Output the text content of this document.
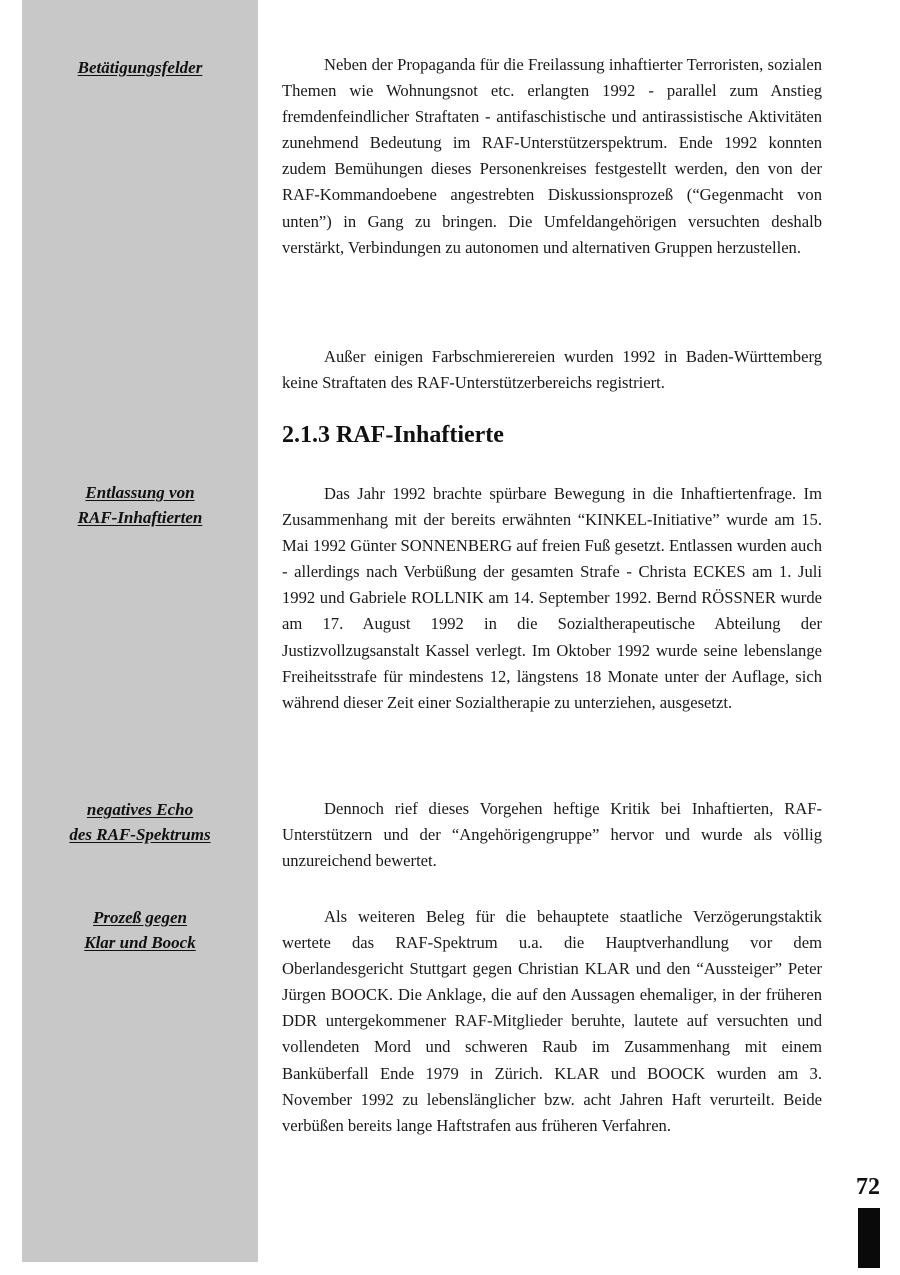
Betätigungsfelder
Entlassung von
RAF-Inhaftierten
negatives Echo
des RAF-Spektrums
Prozeß gegen
Klar und Boock

Neben der Propaganda für die Freilassung inhaftierter Terroristen, sozialen Themen wie Wohnungsnot etc. erlangten 1992 - parallel zum Anstieg fremdenfeindlicher Straftaten - antifaschistische und antirassistische Aktivitäten zunehmend Bedeutung im RAF-Unterstützerspektrum. Ende 1992 konnten zudem Bemühungen dieses Personenkreises festgestellt werden, den von der RAF-Kommandoebene angestrebten Diskussionsprozeß (“Gegenmacht von unten”) in Gang zu bringen. Die Umfeldangehörigen versuchten deshalb verstärkt, Verbindungen zu autonomen und alternativen Gruppen herzustellen.

Außer einigen Farbschmierereien wurden 1992 in Baden-Württemberg keine Straftaten des RAF-Unterstützerbereichs registriert.

2.1.3 RAF-Inhaftierte

Das Jahr 1992 brachte spürbare Bewegung in die Inhaftiertenfrage. Im Zusammenhang mit der bereits erwähnten “KINKEL-Initiative” wurde am 15. Mai 1992 Günter SONNENBERG auf freien Fuß gesetzt. Entlassen wurden auch - allerdings nach Verbüßung der gesamten Strafe - Christa ECKES am 1. Juli 1992 und Gabriele ROLLNIK am 14. September 1992. Bernd RÖSSNER wurde am 17. August 1992 in die Sozialtherapeutische Abteilung der Justizvollzugsanstalt Kassel verlegt. Im Oktober 1992 wurde seine lebenslange Freiheitsstrafe für mindestens 12, längstens 18 Monate unter der Auflage, sich während dieser Zeit einer Sozialtherapie zu unterziehen, ausgesetzt.

Dennoch rief dieses Vorgehen heftige Kritik bei Inhaftierten, RAF-Unterstützern und der “Angehörigengruppe” hervor und wurde als völlig unzureichend bewertet.

Als weiteren Beleg für die behauptete staatliche Verzögerungstaktik wertete das RAF-Spektrum u.a. die Hauptverhandlung vor dem Oberlandesgericht Stuttgart gegen Christian KLAR und den “Aussteiger” Peter Jürgen BOOCK. Die Anklage, die auf den Aussagen ehemaliger, in der früheren DDR untergekommener RAF-Mitglieder beruhte, lautete auf versuchten und vollendeten Mord und schweren Raub im Zusammenhang mit einem Banküberfall Ende 1979 in Zürich. KLAR und BOOCK wurden am 3. November 1992 zu lebenslänglicher bzw. acht Jahren Haft verurteilt. Beide verbüßen bereits lange Haftstrafen aus früheren Verfahren.

72
